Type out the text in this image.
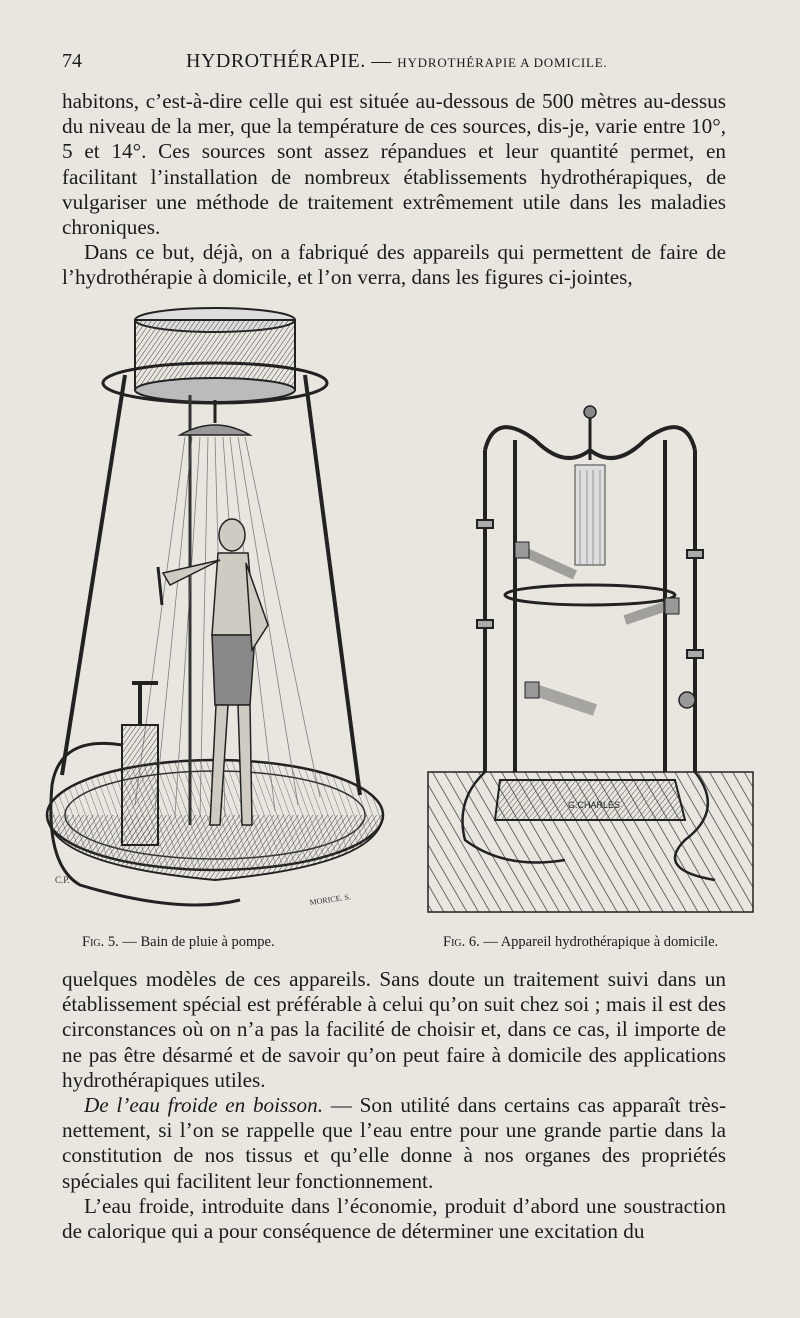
74	HYDROTHÉRAPIE. — HYDROTHÉRAPIE A DOMICILE.

habitons, c’est-à-dire celle qui est située au-dessous de 500 mètres au-dessus du niveau de la mer, que la température de ces sources, dis-je, varie entre 10°, 5 et 14°. Ces sources sont assez répandues et leur quantité permet, en facilitant l’installation de nombreux établissements hydrothérapiques, de vulgariser une méthode de traitement extrêmement utile dans les maladies chroniques.

Dans ce but, déjà, on a fabriqué des appareils qui permettent de faire de l’hydrothérapie à domicile, et l’on verra, dans les figures ci-jointes,

C.P.
MORICE. S.
G.CHARLES
Fig. 5. — Bain de pluie à pompe.	Fig. 6. — Appareil hydrothérapique à domicile.

quelques modèles de ces appareils. Sans doute un traitement suivi dans un établissement spécial est préférable à celui qu’on suit chez soi ; mais il est des circonstances où on n’a pas la facilité de choisir et, dans ce cas, il importe de ne pas être désarmé et de savoir qu’on peut faire à domicile des applications hydrothérapiques utiles.

De l’eau froide en boisson. — Son utilité dans certains cas apparaît très-nettement, si l’on se rappelle que l’eau entre pour une grande partie dans la constitution de nos tissus et qu’elle donne à nos organes des propriétés spéciales qui facilitent leur fonctionnement.

L’eau froide, introduite dans l’économie, produit d’abord une soustraction de calorique qui a pour conséquence de déterminer une excitation du
